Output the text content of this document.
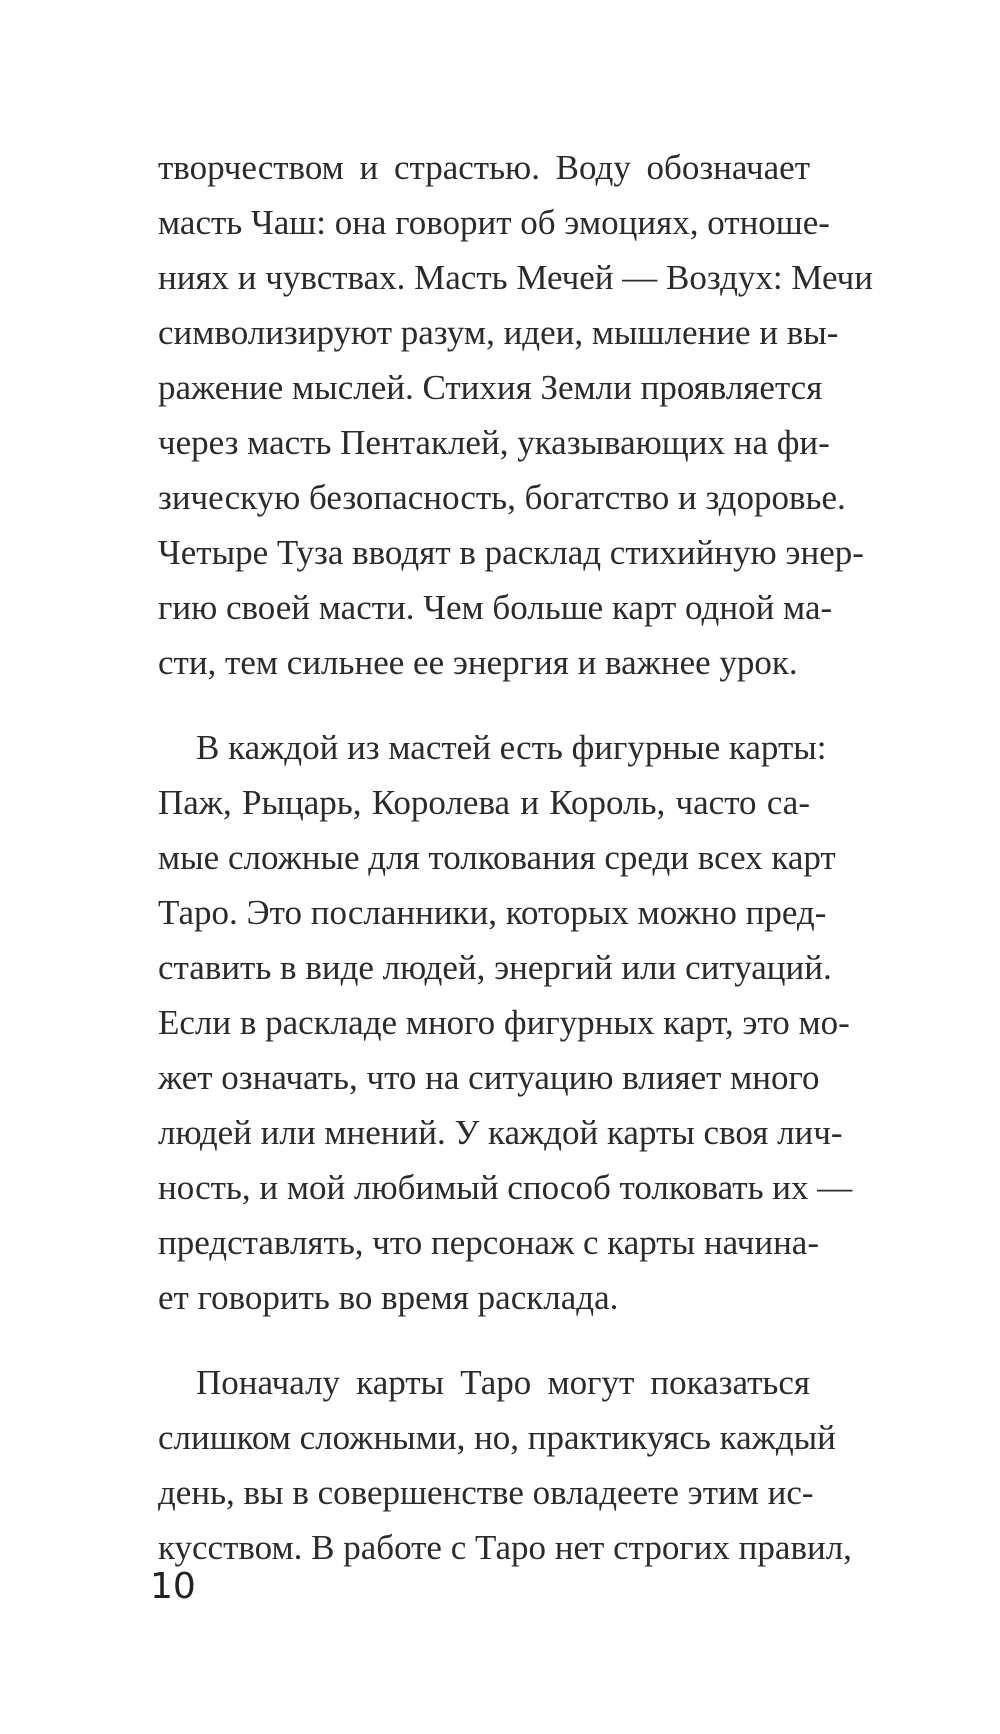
творчеством и страстью. Воду обозначает
масть Чаш: она говорит об эмоциях, отноше-
ниях и чувствах. Масть Мечей — Воздух: Мечи
символизируют разум, идеи, мышление и вы-
ражение мыслей. Стихия Земли проявляется
через масть Пентаклей, указывающих на фи-
зическую безопасность, богатство и здоровье.
Четыре Туза вводят в расклад стихийную энер-
гию своей масти. Чем больше карт одной ма-
сти, тем сильнее ее энергия и важнее урок.
В каждой из мастей есть фигурные карты:
Паж, Рыцарь, Королева и Король, часто са-
мые сложные для толкования среди всех карт
Таро. Это посланники, которых можно пред-
ставить в виде людей, энергий или ситуаций.
Если в раскладе много фигурных карт, это мо-
жет означать, что на ситуацию влияет много
людей или мнений. У каждой карты своя лич-
ность, и мой любимый способ толковать их —
представлять, что персонаж с карты начина-
ет говорить во время расклада.
Поначалу карты Таро могут показаться
слишком сложными, но, практикуясь каждый
день, вы в совершенстве овладеете этим ис-
кусством. В работе с Таро нет строгих правил,
10
